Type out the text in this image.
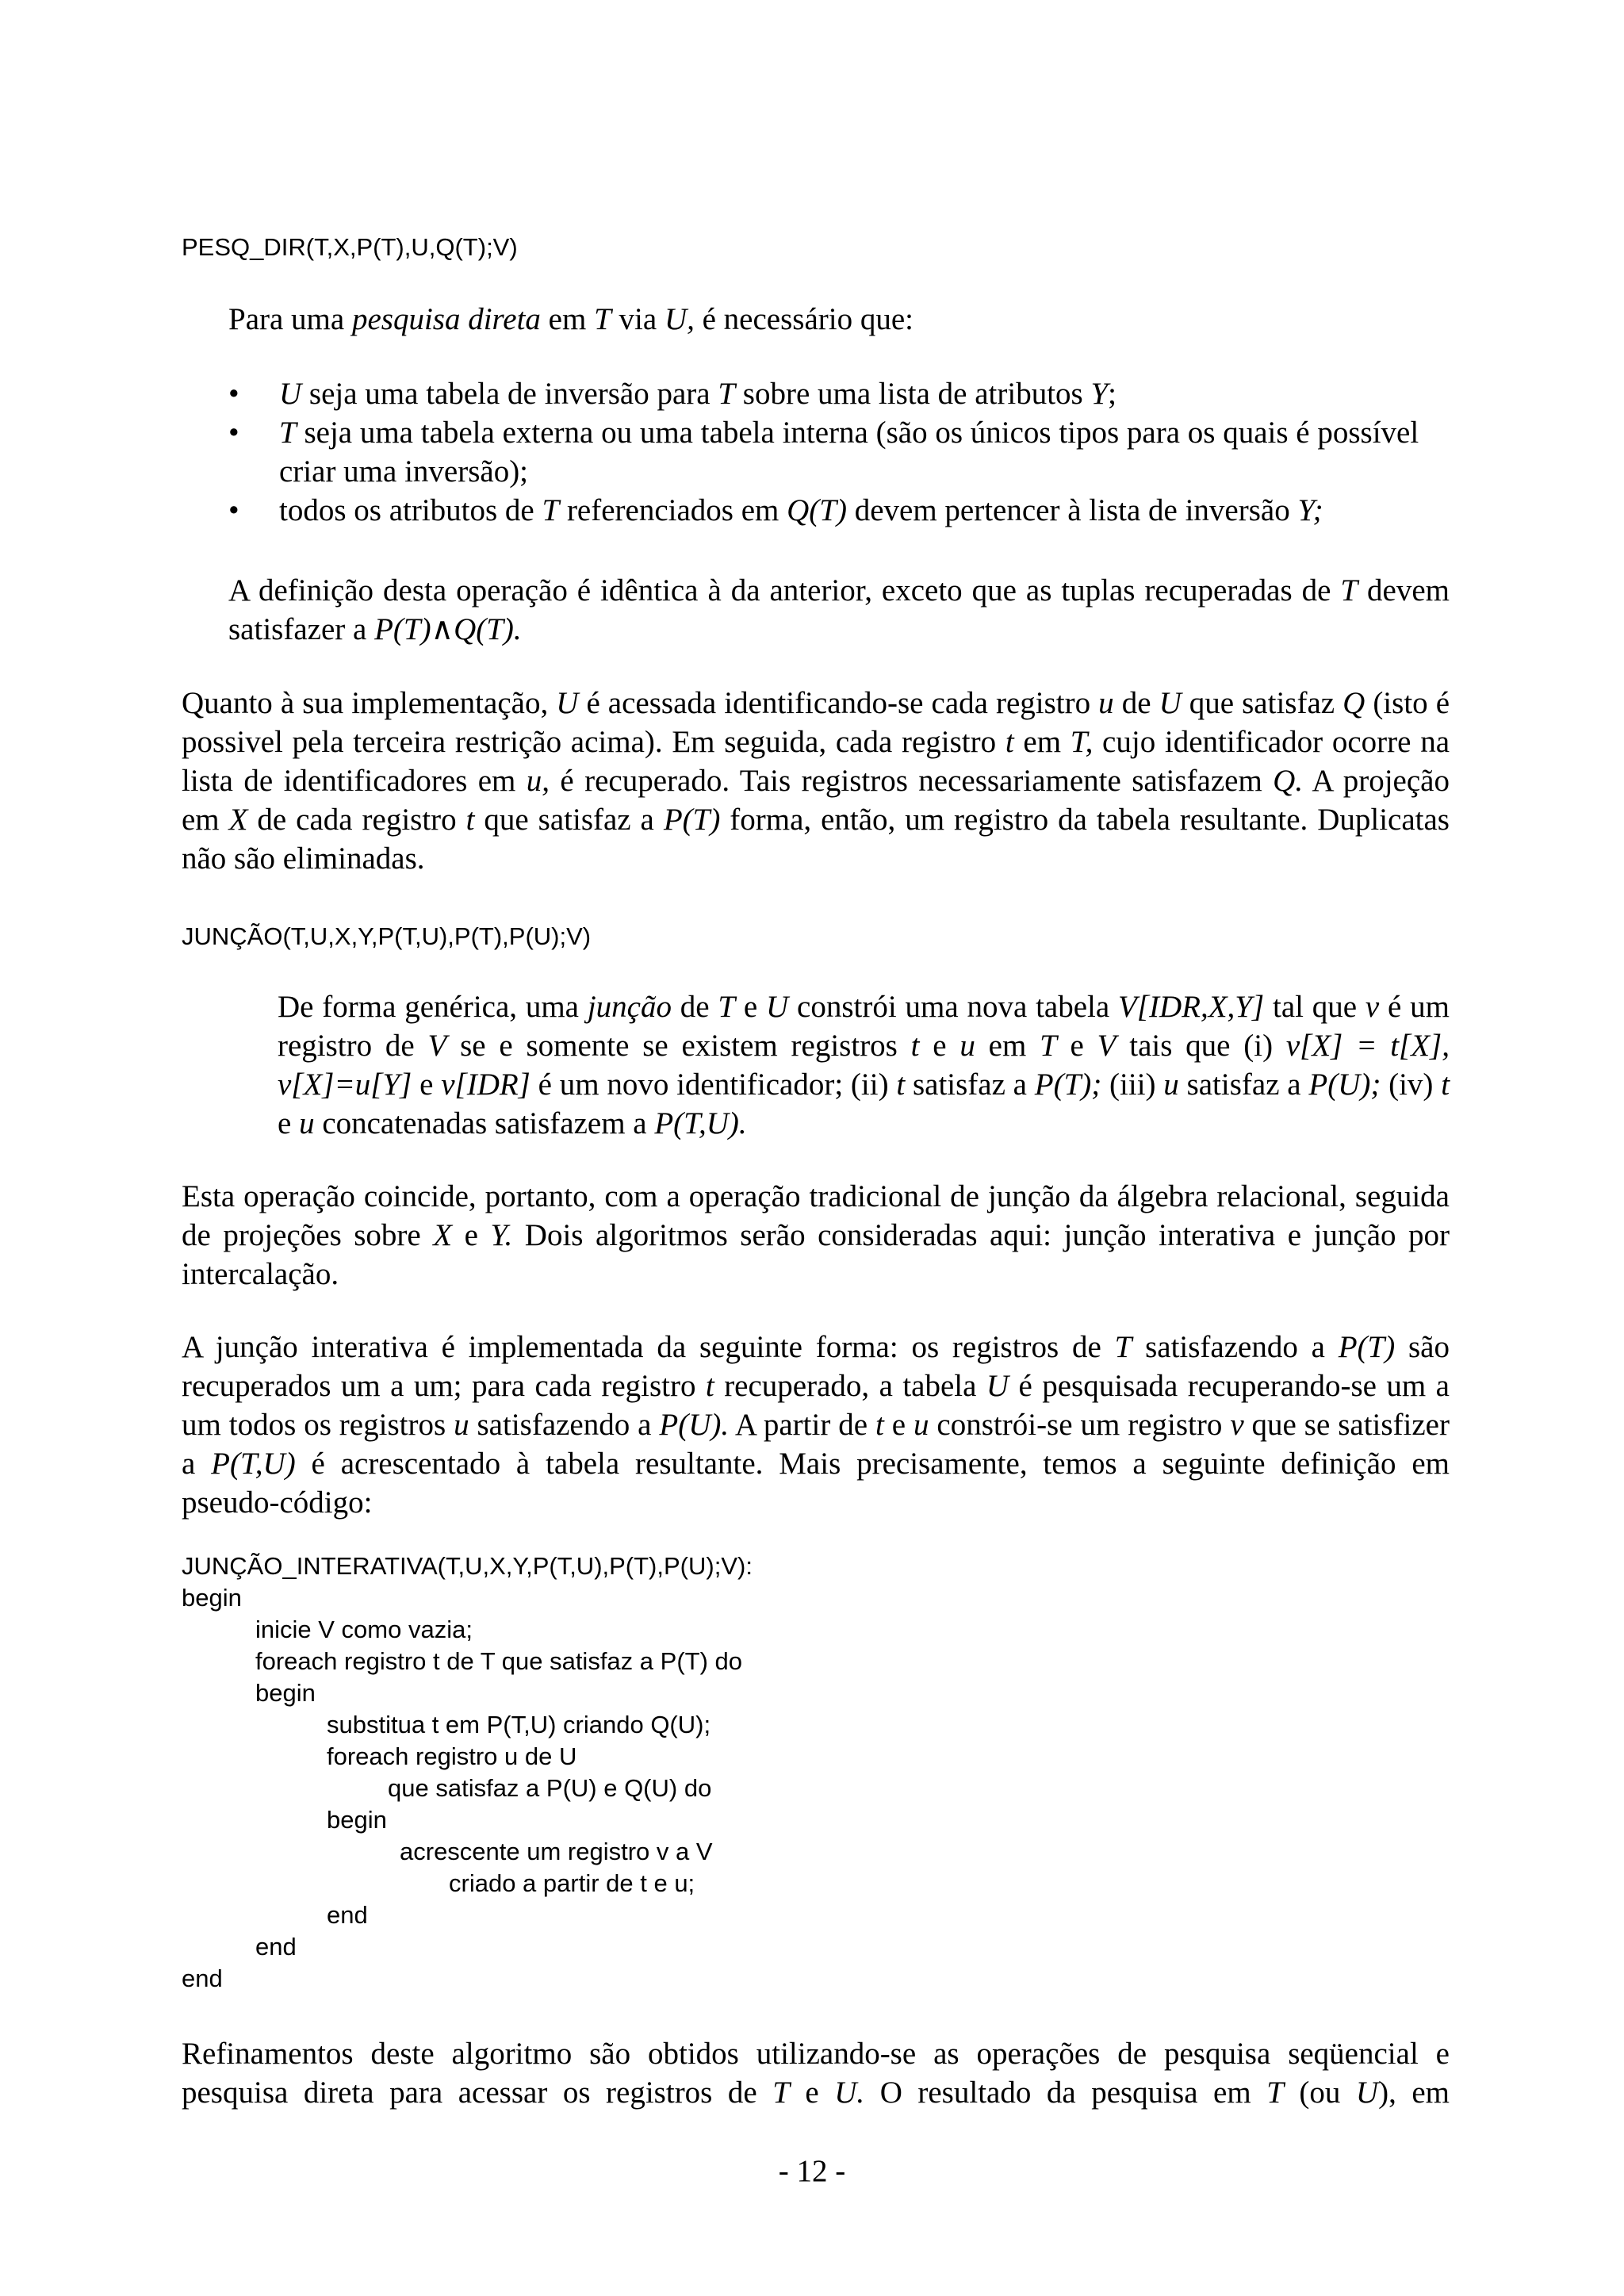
PESQ_DIR(T,X,P(T),U,Q(T);V)

Para uma pesquisa direta em T via U, é necessário que:

• U seja uma tabela de inversão para T sobre uma lista de atributos Y;
• T seja uma tabela externa ou uma tabela interna (são os únicos tipos para os quais é possível criar uma inversão);
• todos os atributos de T referenciados em Q(T) devem pertencer à lista de inversão Y;

A definição desta operação é idêntica à da anterior, exceto que as tuplas recuperadas de T devem satisfazer a P(T)∧Q(T).

Quanto à sua implementação, U é acessada identificando-se cada registro u de U que satisfaz Q (isto é possivel pela terceira restrição acima). Em seguida, cada registro t em T, cujo identificador ocorre na lista de identificadores em u, é recuperado. Tais registros necessariamente satisfazem Q. A projeção em X de cada registro t que satisfaz a P(T) forma, então, um registro da tabela resultante. Duplicatas não são eliminadas.

JUNÇÃO(T,U,X,Y,P(T,U),P(T),P(U);V)

De forma genérica, uma junção de T e U constrói uma nova tabela V[IDR,X,Y] tal que v é um registro de V se e somente se existem registros t e u em T e V tais que (i) v[X] = t[X], v[X]=u[Y] e v[IDR] é um novo identificador; (ii) t satisfaz a P(T); (iii) u satisfaz a P(U); (iv) t e u concatenadas satisfazem a P(T,U).

Esta operação coincide, portanto, com a operação tradicional de junção da álgebra relacional, seguida de projeções sobre X e Y. Dois algoritmos serão consideradas aqui: junção interativa e junção por intercalação.

A junção interativa é implementada da seguinte forma: os registros de T satisfazendo a P(T) são recuperados um a um; para cada registro t recuperado, a tabela U é pesquisada recuperando-se um a um todos os registros u satisfazendo a P(U). A partir de t e u constrói-se um registro v que se satisfizer a P(T,U) é acrescentado à tabela resultante. Mais precisamente, temos a seguinte definição em pseudo-código:

JUNÇÃO_INTERATIVA(T,U,X,Y,P(T,U),P(T),P(U);V):
begin
inicie V como vazia;
foreach registro t de T que satisfaz a P(T) do
begin
substitua t em P(T,U) criando Q(U);
foreach registro u de U
que satisfaz a P(U) e Q(U) do
begin
acrescente um registro v a V
criado a partir de t e u;
end
end
end

Refinamentos deste algoritmo são obtidos utilizando-se as operações de pesquisa seqüencial e pesquisa direta para acessar os registros de T e U. O resultado da pesquisa em T (ou U), em

- 12 -
